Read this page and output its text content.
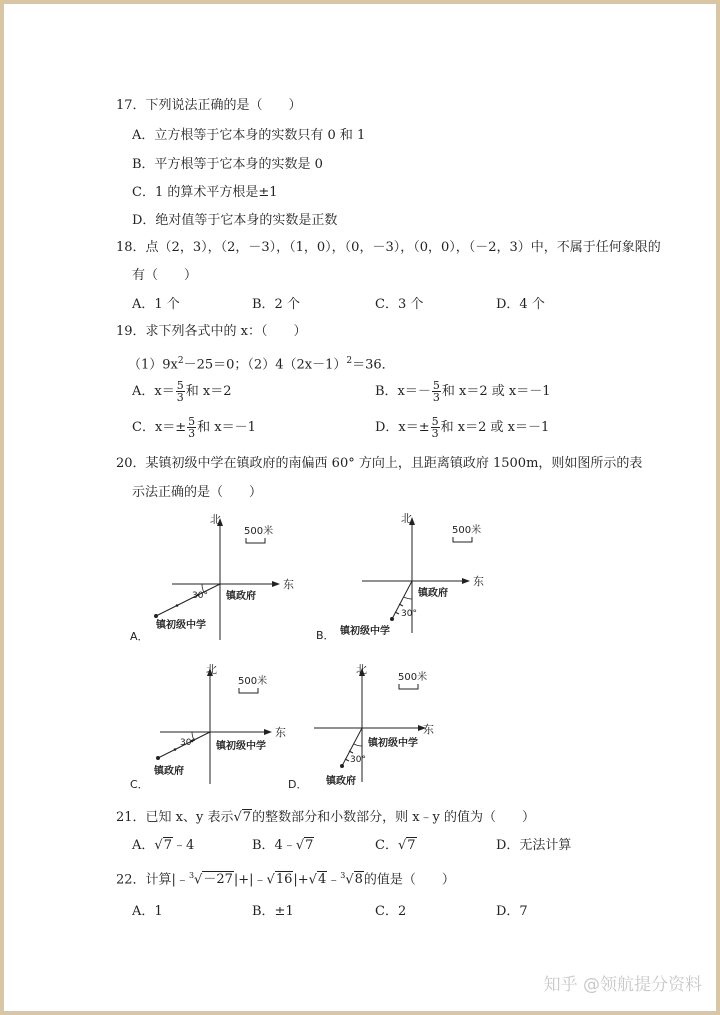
17．下列说法正确的是（　　）
A．立方根等于它本身的实数只有 0 和 1
B．平方根等于它本身的实数是 0
C．1 的算术平方根是±1
D．绝对值等于它本身的实数是正数
18．点（2，3），（2，－3），（1，0），（0，－3），（0，0），（－2，3）中，不属于任何象限的
有（　　）
A．1 个	B．2 个	C．3 个	D．4 个
19．求下列各式中的 x：（　　）
$(1)9x^2-25=0$；$(2)4(2x-1)^2=36$．
A．$x= \frac{5}{3}$ 和 x＝2	B．$x=- \frac{5}{3}$ 和 x＝2 或 x＝－1
C．$x=\pm \frac{5}{3}$ 和 x＝－1	D．$x=\pm \frac{5}{3}$ 和 x＝2 或 x＝－1
20．某镇初级中学在镇政府的南偏西 60° 方向上，且距离镇政府 1500m，则如图所示的表
示法正确的是（　　）
北
东
500米
30° 镇政府
镇初级中学
A．
北
东
500米
30°
镇政府
镇初级中学
B．
北
东
500米
30° 镇初级中学
镇政府
C．
北
东
500米
30°
镇初级中学
镇政府
D．
21．已知 x、y 表示√7的整数部分和小数部分，则 x﹣y 的值为（　　）
A．√7﹣4	B．4﹣√7	C．√7	D．无法计算
22．计算|﹣$^3$√－27|+|﹣√16|+√4﹣$^3$√8的值是（　　）
A．1	B．±1	C．2	D．7
知乎 @领航提分资料
